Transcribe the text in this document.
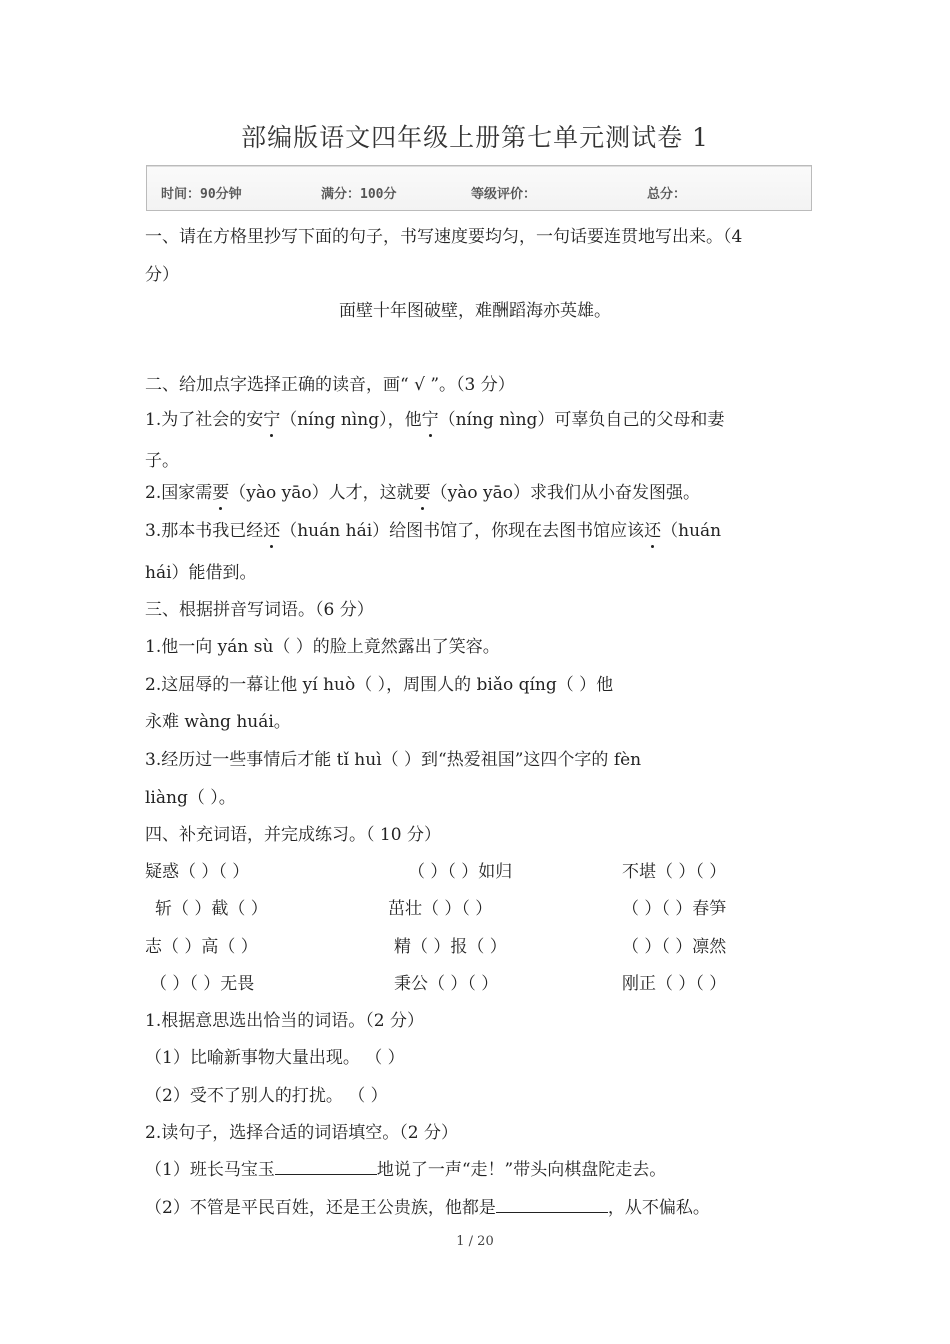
部编版语文四年级上册第七单元测试卷 1
时间：90分钟	满分：100分	等级评价：	总分：
一、请在方格里抄写下面的句子，书写速度要均匀，一句话要连贯地写出来。（4
分）
面壁十年图破壁，难酬蹈海亦英雄。
二、给加点字选择正确的读音，画“ √ ”。（3 分）
1.为了社会的安宁（níng nìng），他宁（níng nìng）可辜负自己的父母和妻
子。
2.国家需要（yào yāo）人才，这就要（yào yāo）求我们从小奋发图强。
3.那本书我已经还（huán hái）给图书馆了，你现在去图书馆应该还（huán
hái）能借到。
三、根据拼音写词语。（6 分）
1.他一向 yán sù（ ）的脸上竟然露出了笑容。
2.这屈辱的一幕让他 yí huò（ ），周围人的 biǎo qíng（ ）他
永难 wàng huái。
3.经历过一些事情后才能 tǐ huì（ ）到“热爱祖国”这四个字的 fèn
liàng（ ）。
四、补充词语，并完成练习。（ 10 分）
疑惑（ ）（ ）	（ ）（ ）如归	不堪（ ）（ ）
斩（ ）截（ ）	茁壮（ ）（ ）	（ ）（ ）春笋
志（ ）高（ ）	精（ ）报（ ）	（ ）（ ）凛然
（ ）（ ）无畏	秉公（ ）（ ）	刚正（ ）（ ）
1.根据意思选出恰当的词语。（2 分）
（1）比喻新事物大量出现。 （ ）
（2）受不了别人的打扰。 （ ）
2.读句子，选择合适的词语填空。（2 分）
（1）班长马宝玉	地说了一声“走！”带头向棋盘陀走去。
（2）不管是平民百姓，还是王公贵族，他都是	，从不偏私。
1 / 20
